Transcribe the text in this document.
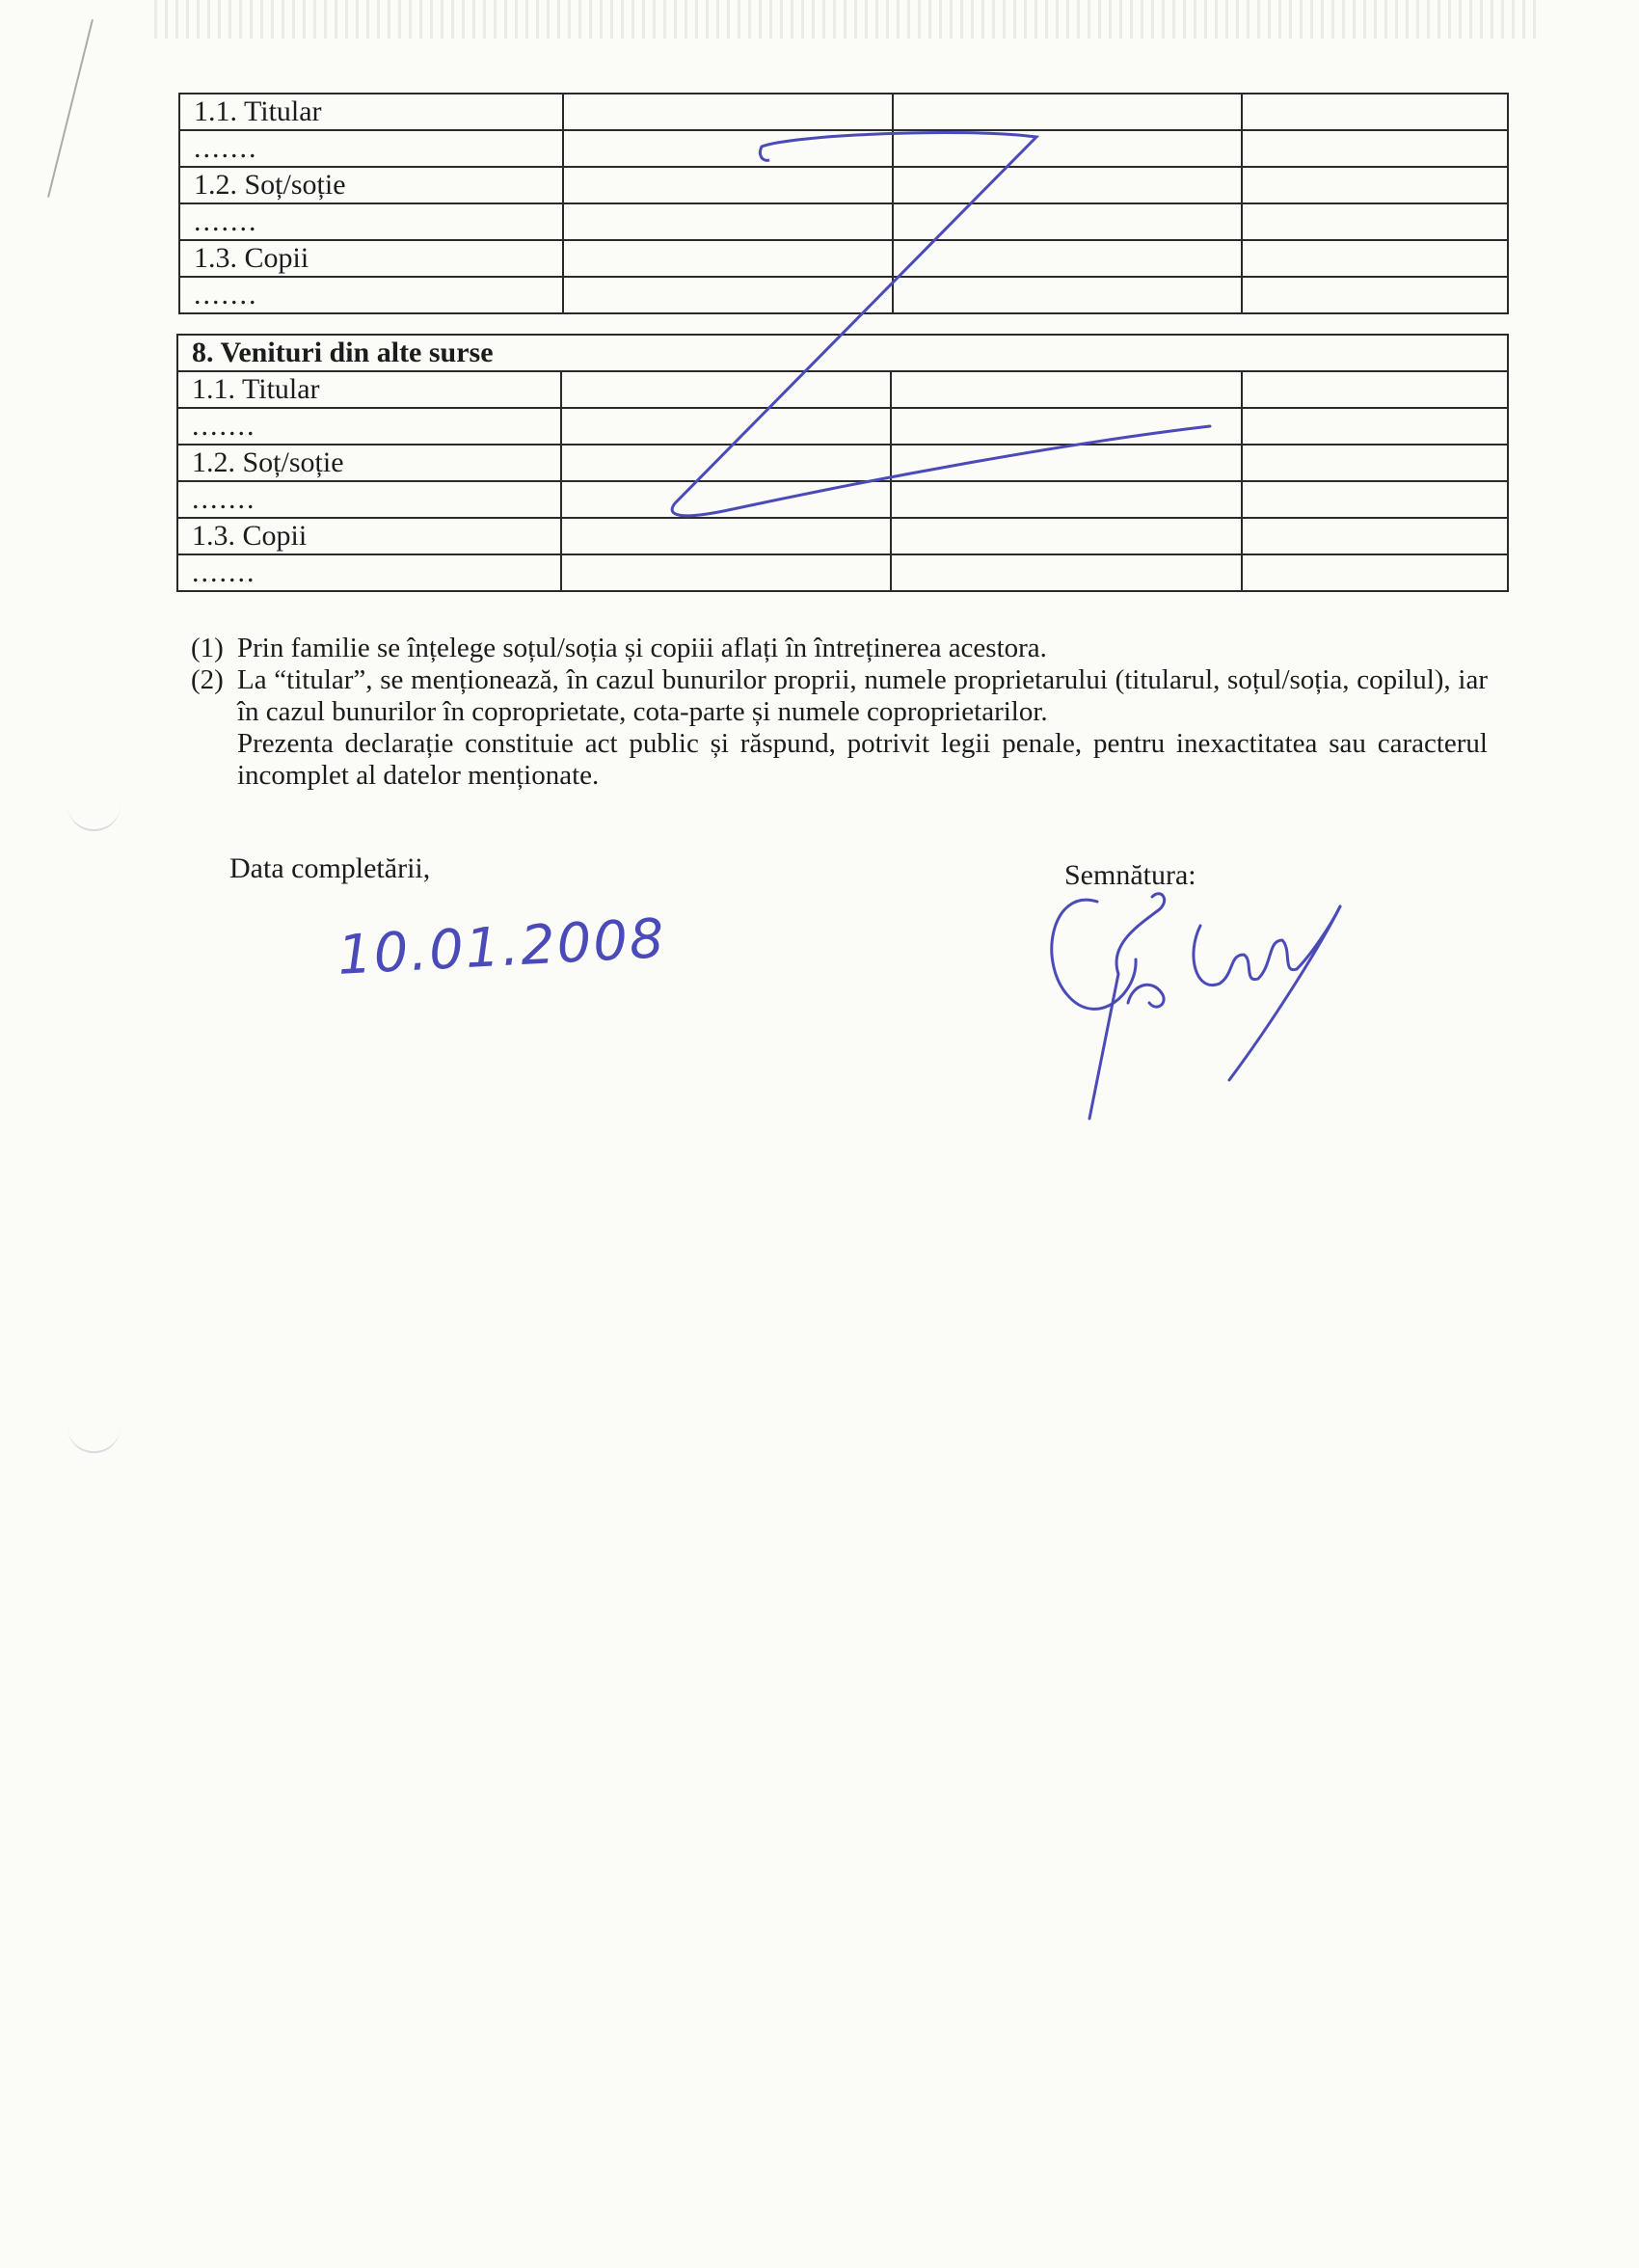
1.1. Titular			
.......			
1.2. Soț/soție			
.......			
1.3. Copii			
.......			
8. Venituri din alte surse			
1.1. Titular			
.......			
1.2. Soț/soție			
.......			
1.3. Copii			
.......			
(1) Prin familie se înțelege soțul/soția și copiii aflați în întreținerea acestora.
(2) La “titular”, se menționează, în cazul bunurilor proprii, numele proprietarului (titularul, soțul/soția, copilul), iar în cazul bunurilor în coproprietate, cota-parte și numele coproprietarilor.
Prezenta declarație constituie act public și răspund, potrivit legii penale, pentru inexactitatea sau caracterul incomplet al datelor menționate.
Data completării,	Semnătura:
10.01.2008
